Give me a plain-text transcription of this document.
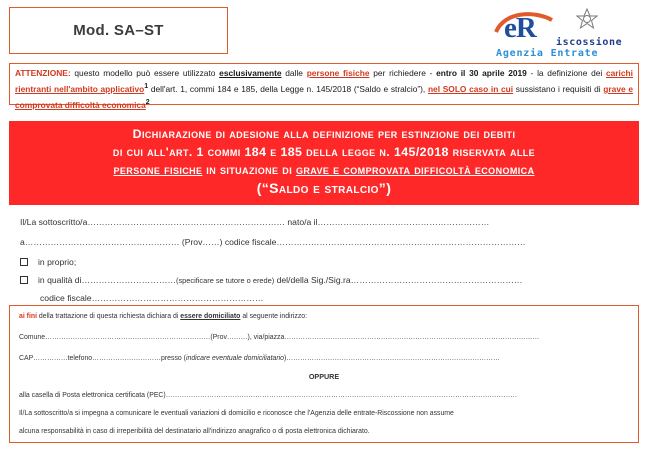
Mod. SA–ST	eR iscossione
Agenzia Entrate
ATTENZIONE: questo modello può essere utilizzato esclusivamente dalle persone fisiche per richiedere - entro il 30 aprile 2019 - la definizione dei carichi rientranti nell'ambito applicativo$^1$ dell'art. 1, commi 184 e 185, della Legge n. 145/2018 (“Saldo e stralcio”), nel SOLO caso in cui sussistano i requisiti di grave e comprovata difficoltà economica$^2$
Dichiarazione di adesione alla definizione per estinzione dei debiti
di cui all'art. 1 commi 184 e 185 della legge n. 145/2018 riservata alle
persone fisiche in situazione di grave e comprovata difficoltà economica
(“Saldo e stralcio”)
Il/La sottoscritto/a…………………………………………………………… nato/a il……………………………………………………
a……………………………………………… (Prov……) codice fiscale……………………………………………………………………………
in proprio;
in qualità di……………………………(specificare se tutore o erede) del/della Sig./Sig.ra……………………………………………………
codice fiscale……………………………………………………
ai fini della trattazione di questa richiesta dichiara di essere domiciliato al seguente indirizzo:
Comune………………………………………………………………(Prov………), via/piazza…………………………………………………………………………………………………
CAP……………telefono…………………………presso (indicare eventuale domiciliatario)…………………………………………………………………………………
alla casella di Posta elettronica certificata (PEC)………………………………………………………………………………………………………………………………………
Il/La sottoscritto/a si impegna a comunicare le eventuali variazioni di domicilio e riconosce che l'Agenzia delle entrate-Riscossione non assume
alcuna responsabilità in caso di irreperibilità del destinatario all'indirizzo anagrafico o di posta elettronica dichiarato.
OPPURE
